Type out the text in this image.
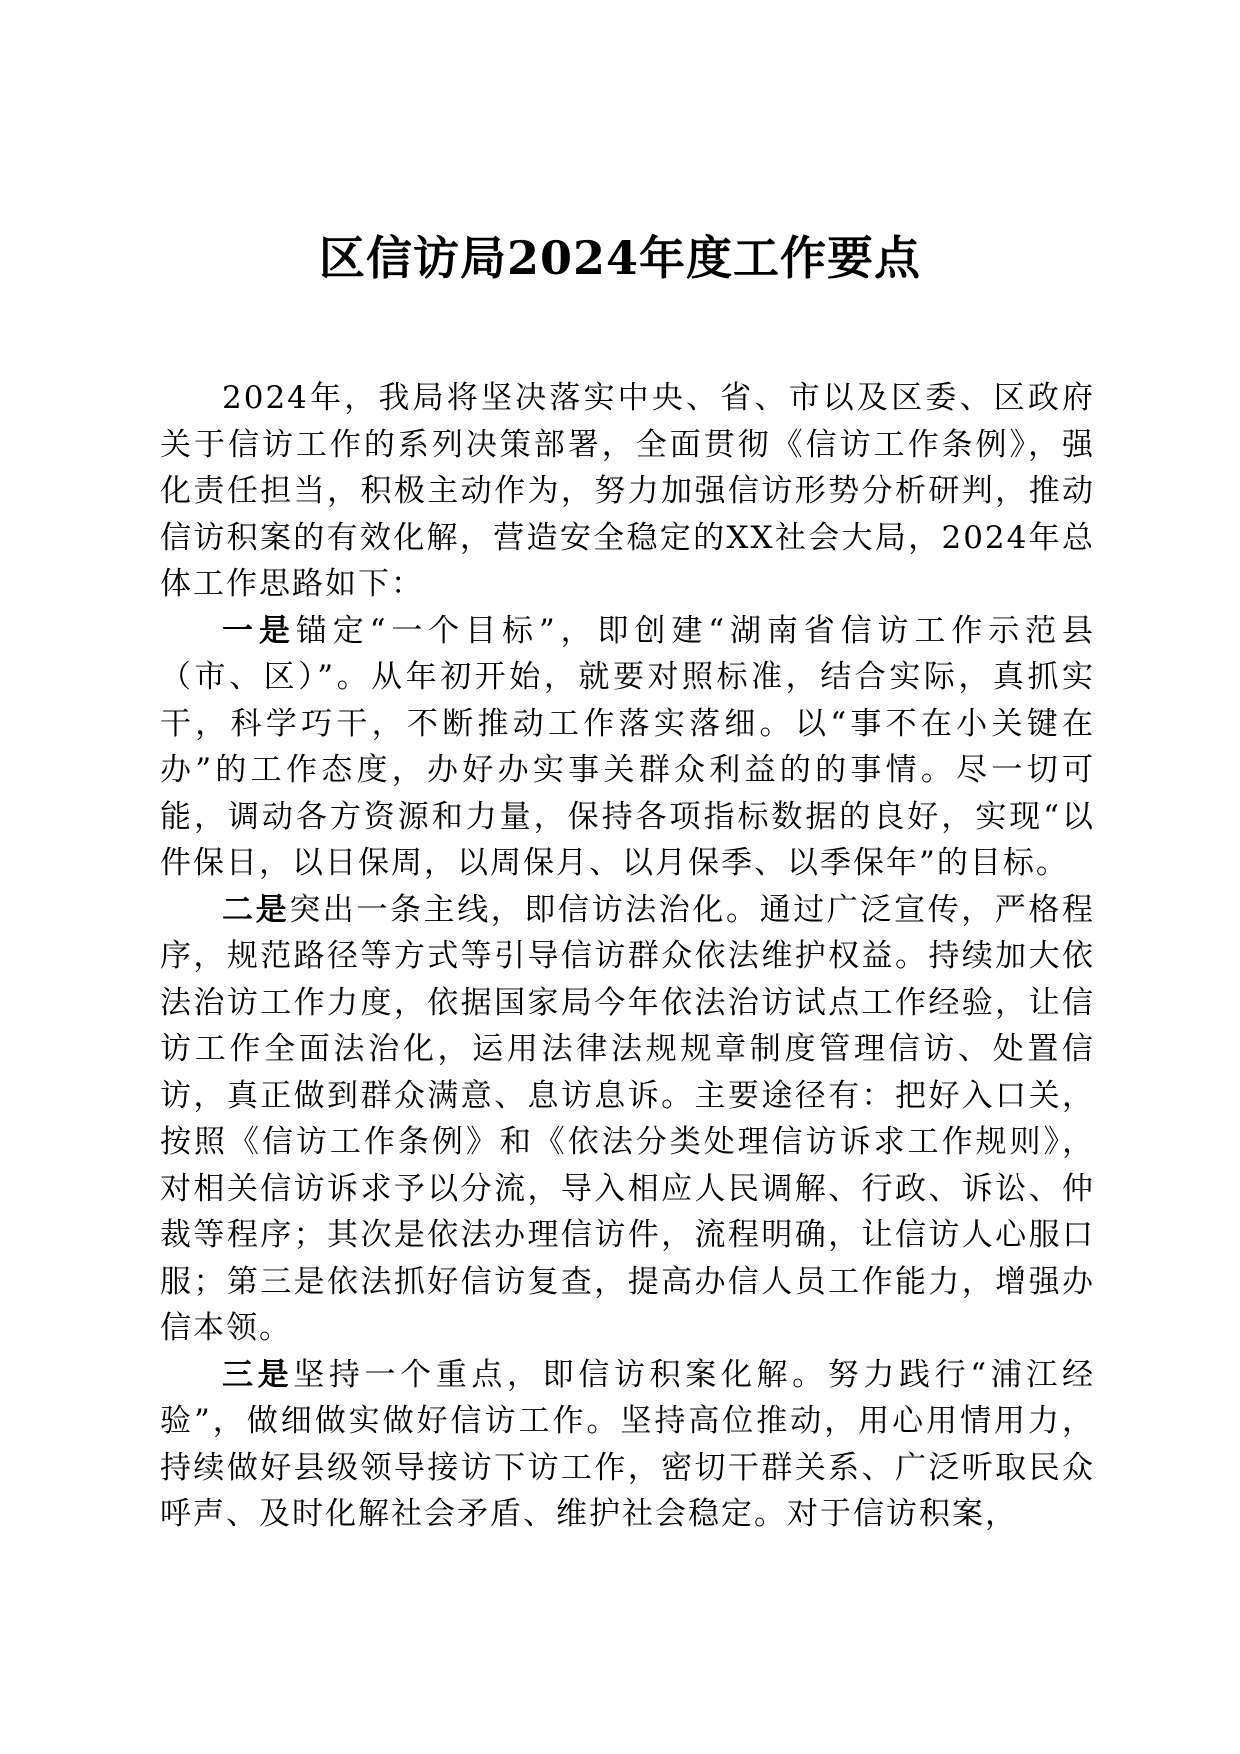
区信访局2024年度工作要点

2024年，我局将坚决落实中央、省、市以及区委、区政府关于信访工作的系列决策部署，全面贯彻《信访工作条例》，强化责任担当，积极主动作为，努力加强信访形势分析研判，推动信访积案的有效化解，营造安全稳定的XX社会大局，2024年总体工作思路如下：

一是锚定“一个目标”，即创建“湖南省信访工作示范县（市、区）”。从年初开始，就要对照标准，结合实际，真抓实干，科学巧干，不断推动工作落实落细。以“事不在小关键在办”的工作态度，办好办实事关群众利益的的事情。尽一切可能，调动各方资源和力量，保持各项指标数据的良好，实现“以件保日，以日保周，以周保月、以月保季、以季保年”的目标。

二是突出一条主线，即信访法治化。通过广泛宣传，严格程序，规范路径等方式等引导信访群众依法维护权益。持续加大依法治访工作力度，依据国家局今年依法治访试点工作经验，让信访工作全面法治化，运用法律法规规章制度管理信访、处置信访，真正做到群众满意、息访息诉。主要途径有：把好入口关，按照《信访工作条例》和《依法分类处理信访诉求工作规则》，对相关信访诉求予以分流，导入相应人民调解、行政、诉讼、仲裁等程序；其次是依法办理信访件，流程明确，让信访人心服口服；第三是依法抓好信访复查，提高办信人员工作能力，增强办信本领。

三是坚持一个重点，即信访积案化解。努力践行“浦江经验”，做细做实做好信访工作。坚持高位推动，用心用情用力，持续做好县级领导接访下访工作，密切干群关系、广泛听取民众呼声、及时化解社会矛盾、维护社会稳定。对于信访积案，
